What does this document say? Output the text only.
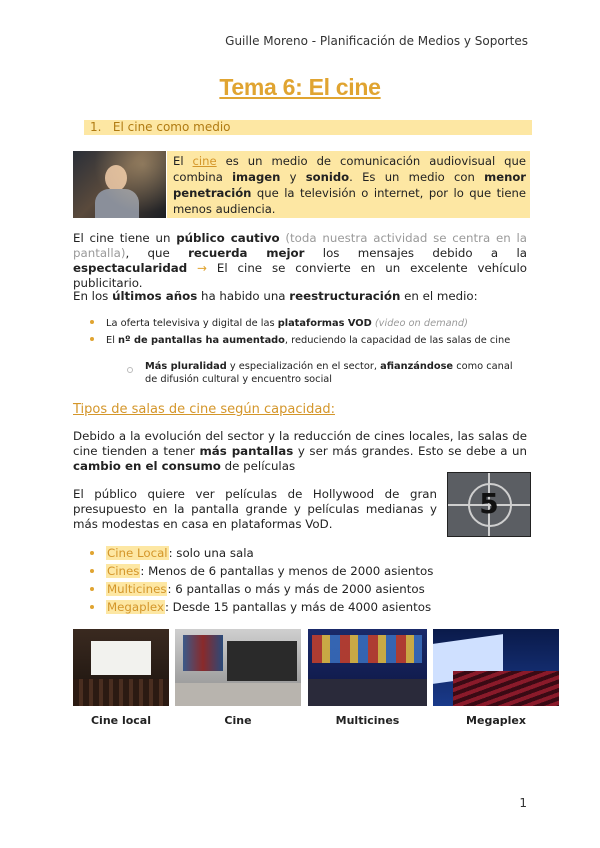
Guille Moreno - Planificación de Medios y Soportes
Tema 6: El cine
1. El cine como medio
El cine es un medio de comunicación audiovisual que combina imagen y sonido. Es un medio con menor penetración que la televisión o internet, por lo que tiene menos audiencia.
El cine tiene un público cautivo (toda nuestra actividad se centra en la pantalla), que recuerda mejor los mensajes debido a la espectacularidad → El cine se convierte en un excelente vehículo publicitario.
En los últimos años ha habido una reestructuración en el medio:
La oferta televisiva y digital de las plataformas VOD (video on demand)
El nº de pantallas ha aumentado, reduciendo la capacidad de las salas de cine
Más pluralidad y especialización en el sector, afianzándose como canal de difusión cultural y encuentro social
Tipos de salas de cine según capacidad:
Debido a la evolución del sector y la reducción de cines locales, las salas de cine tienden a tener más pantallas y ser más grandes. Esto se debe a un cambio en el consumo de películas
El público quiere ver películas de Hollywood de gran presupuesto en la pantalla grande y películas medianas y más modestas en casa en plataformas VoD.
5
Cine Local: solo una sala
Cines: Menos de 6 pantallas y menos de 2000 asientos
Multicines: 6 pantallas o más y más de 2000 asientos
Megaplex: Desde 15 pantallas y más de 4000 asientos
Cine local	Cine	Multicines	Megaplex
1
